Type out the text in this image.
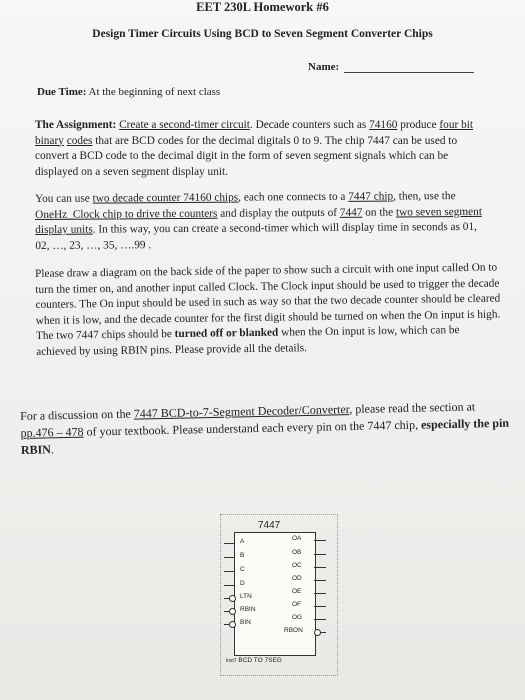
EET 230L Homework #6
Design Timer Circuits Using BCD to Seven Segment Converter Chips
Name:
Due Time: At the beginning of next class
The Assignment: Create a second-timer circuit. Decade counters such as 74160 produce four bit binary codes that are BCD codes for the decimal digitals 0 to 9. The chip 7447 can be used to convert a BCD code to the decimal digit in the form of seven segment signals which can be displayed on a seven segment display unit.
You can use two decade counter 74160 chips, each one connects to a 7447 chip, then, use the OneHz_Clock chip to drive the counters and display the outputs of 7447 on the two seven segment display units. In this way, you can create a second-timer which will display time in seconds as 01, 02, …, 23, …, 35, ….99 .
Please draw a diagram on the back side of the paper to show such a circuit with one input called On to turn the timer on, and another input called Clock. The Clock input should be used to trigger the decade counters. The On input should be used in such as way so that the two decade counter should be cleared when it is low, and the decade counter for the first digit should be turned on when the On input is high. The two 7447 chips should be turned off or blanked when the On input is low, which can be achieved by using RBIN pins. Please provide all the details.
For a discussion on the 7447 BCD-to-7-Segment Decoder/Converter, please read the section at pp.476 – 478 of your textbook. Please understand each every pin on the 7447 chip, especially the pin RBIN.
7447
A
B
C
D
LTN
RBIN
BIN
OA
OB
OC
OD
OE
OF
OG
RBON
inst7 BCD TO 7SEG
